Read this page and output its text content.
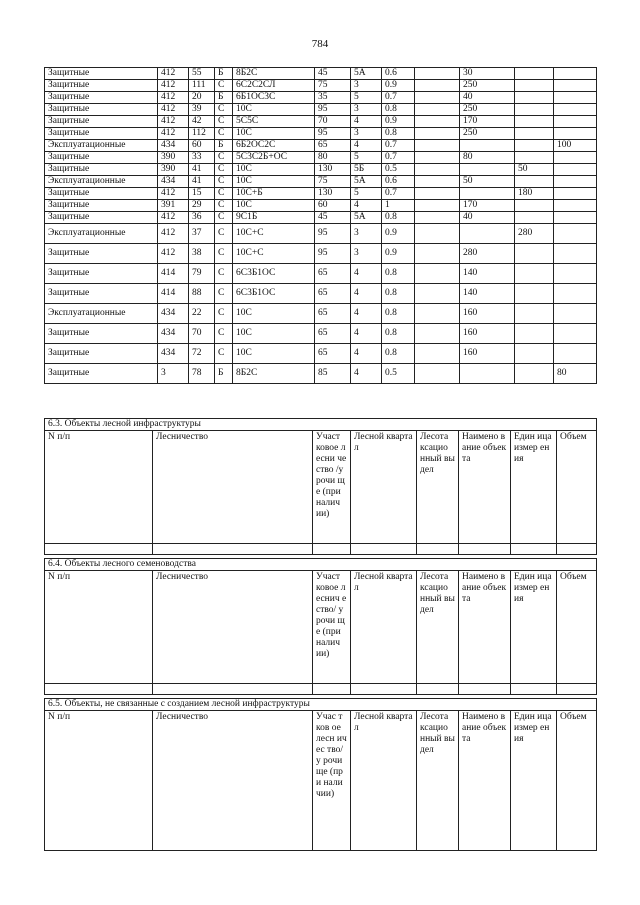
784
Защитные	412	55	Б	8Б2С	45	5А	0.6		30		
Защитные	412	111	С	6С2С2СЛ	75	3	0.9		250		
Защитные	412	20	Б	6Б1ОС3С	35	5	0.7		40		
Защитные	412	39	С	10С	95	3	0.8		250		
Защитные	412	42	С	5С5С	70	4	0.9		170		
Защитные	412	112	С	10С	95	3	0.8		250		
Эксплуатационные	434	60	Б	6Б2ОС2С	65	4	0.7				100
Защитные	390	33	С	5С3С2Б+ОС	80	5	0.7		80		
Защитные	390	41	С	10С	130	5Б	0.5			50	
Эксплуатационные	434	41	С	10С	75	5А	0.6		50		
Защитные	412	15	С	10С+Б	130	5	0.7			180	
Защитные	391	29	С	10С	60	4	1		170		
Защитные	412	36	С	9С1Б	45	5А	0.8		40		
Эксплуатационные	412	37	С	10С+С	95	3	0.9			280	
Защитные	412	38	С	10С+С	95	3	0.9		280		
Защитные	414	79	С	6С3Б1ОС	65	4	0.8		140		
Защитные	414	88	С	6С3Б1ОС	65	4	0.8		140		
Эксплуатационные	434	22	С	10С	65	4	0.8		160		
Защитные	434	70	С	10С	65	4	0.8		160		
Защитные	434	72	С	10С	65	4	0.8		160		
Защитные	3	78	Б	8Б2С	85	4	0.5				80
6.3. Объекты лесной инфраструктуры							
N п/п	Лесничество	Участ ковое лесни чество /урочи ще (при налич ии)	Лесной квартал	Лесота ксацио нный выдел	Наимено вание объекта	Един ица измер ения	Объем

6.4. Объекты лесного семеноводства							
N п/п	Лесничество	Участ ковое леснич ество/ урочи ще (при налич ии)	Лесной квартал	Лесота ксацио нный выдел	Наимено вание объекта	Един ица измер ения	Объем

6.5. Объекты, не связанные с созданием лесной инфраструктуры
N п/п	Лесничество	Учас тков ое лесн ичес тво/у рочи ще (при нали чии)	Лесной квартал	Лесота ксацио нный выдел	Наимено вание объекта	Един ица измер ения	Объем
